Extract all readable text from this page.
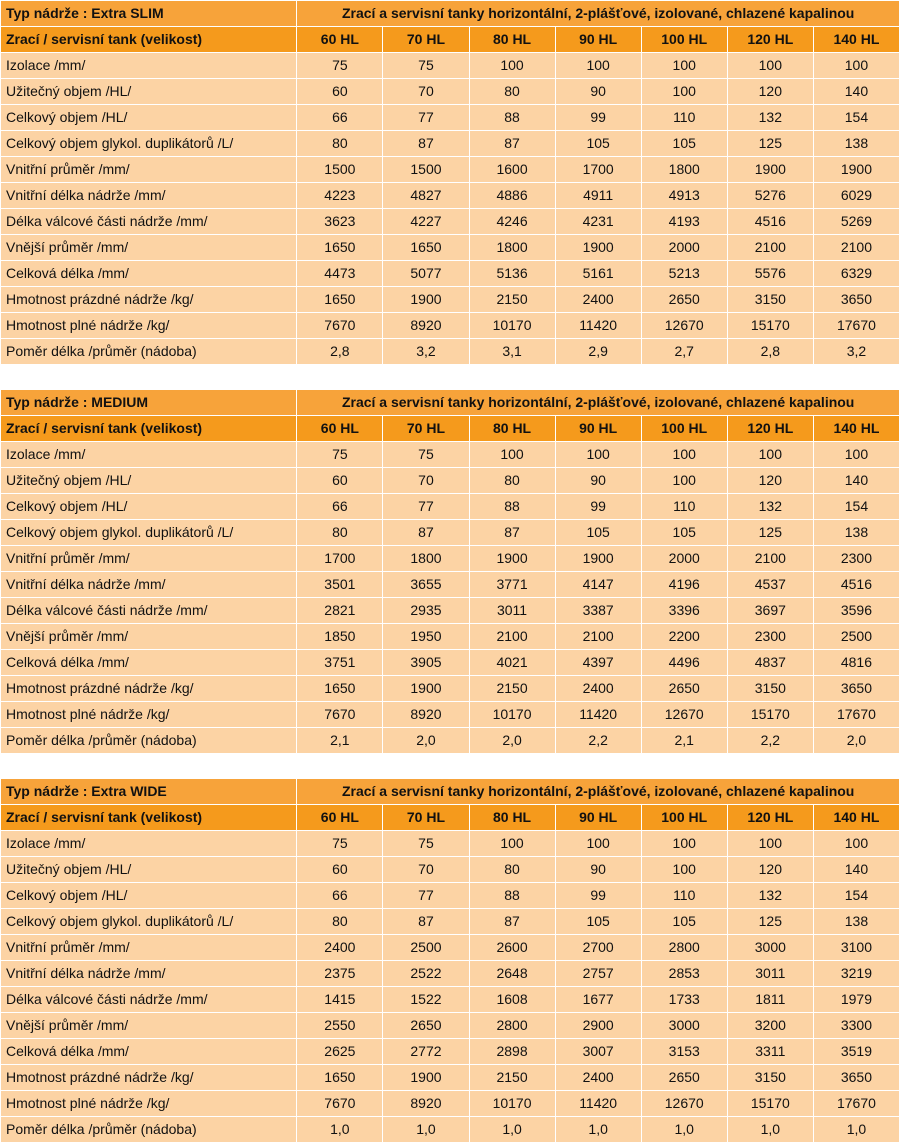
Typ nádrže : Extra SLIM	Zrací a servisní tanky horizontální, 2-plášťové, izolované, chlazené kapalinou						
Zrací / servisní tank (velikost)	60 HL	70 HL	80 HL	90 HL	100 HL	120 HL	140 HL
Izolace /mm/	75	75	100	100	100	100	100
Užitečný objem /HL/	60	70	80	90	100	120	140
Celkový objem /HL/	66	77	88	99	110	132	154
Celkový objem glykol. duplikátorů /L/	80	87	87	105	105	125	138
Vnitřní průměr /mm/	1500	1500	1600	1700	1800	1900	1900
Vnitřní délka nádrže /mm/	4223	4827	4886	4911	4913	5276	6029
Délka válcové části nádrže /mm/	3623	4227	4246	4231	4193	4516	5269
Vnější průměr /mm/	1650	1650	1800	1900	2000	2100	2100
Celková délka /mm/	4473	5077	5136	5161	5213	5576	6329
Hmotnost prázdné nádrže /kg/	1650	1900	2150	2400	2650	3150	3650
Hmotnost plné nádrže /kg/	7670	8920	10170	11420	12670	15170	17670
Poměr délka /průměr (nádoba)	2,8	3,2	3,1	2,9	2,7	2,8	3,2
Typ nádrže : MEDIUM	Zrací a servisní tanky horizontální, 2-plášťové, izolované, chlazené kapalinou						
Zrací / servisní tank (velikost)	60 HL	70 HL	80 HL	90 HL	100 HL	120 HL	140 HL
Izolace /mm/	75	75	100	100	100	100	100
Užitečný objem /HL/	60	70	80	90	100	120	140
Celkový objem /HL/	66	77	88	99	110	132	154
Celkový objem glykol. duplikátorů /L/	80	87	87	105	105	125	138
Vnitřní průměr /mm/	1700	1800	1900	1900	2000	2100	2300
Vnitřní délka nádrže /mm/	3501	3655	3771	4147	4196	4537	4516
Délka válcové části nádrže /mm/	2821	2935	3011	3387	3396	3697	3596
Vnější průměr /mm/	1850	1950	2100	2100	2200	2300	2500
Celková délka /mm/	3751	3905	4021	4397	4496	4837	4816
Hmotnost prázdné nádrže /kg/	1650	1900	2150	2400	2650	3150	3650
Hmotnost plné nádrže /kg/	7670	8920	10170	11420	12670	15170	17670
Poměr délka /průměr (nádoba)	2,1	2,0	2,0	2,2	2,1	2,2	2,0
Typ nádrže : Extra WIDE	Zrací a servisní tanky horizontální, 2-plášťové, izolované, chlazené kapalinou						
Zrací / servisní tank (velikost)	60 HL	70 HL	80 HL	90 HL	100 HL	120 HL	140 HL
Izolace /mm/	75	75	100	100	100	100	100
Užitečný objem /HL/	60	70	80	90	100	120	140
Celkový objem /HL/	66	77	88	99	110	132	154
Celkový objem glykol. duplikátorů /L/	80	87	87	105	105	125	138
Vnitřní průměr /mm/	2400	2500	2600	2700	2800	3000	3100
Vnitřní délka nádrže /mm/	2375	2522	2648	2757	2853	3011	3219
Délka válcové části nádrže /mm/	1415	1522	1608	1677	1733	1811	1979
Vnější průměr /mm/	2550	2650	2800	2900	3000	3200	3300
Celková délka /mm/	2625	2772	2898	3007	3153	3311	3519
Hmotnost prázdné nádrže /kg/	1650	1900	2150	2400	2650	3150	3650
Hmotnost plné nádrže /kg/	7670	8920	10170	11420	12670	15170	17670
Poměr délka /průměr (nádoba)	1,0	1,0	1,0	1,0	1,0	1,0	1,0
